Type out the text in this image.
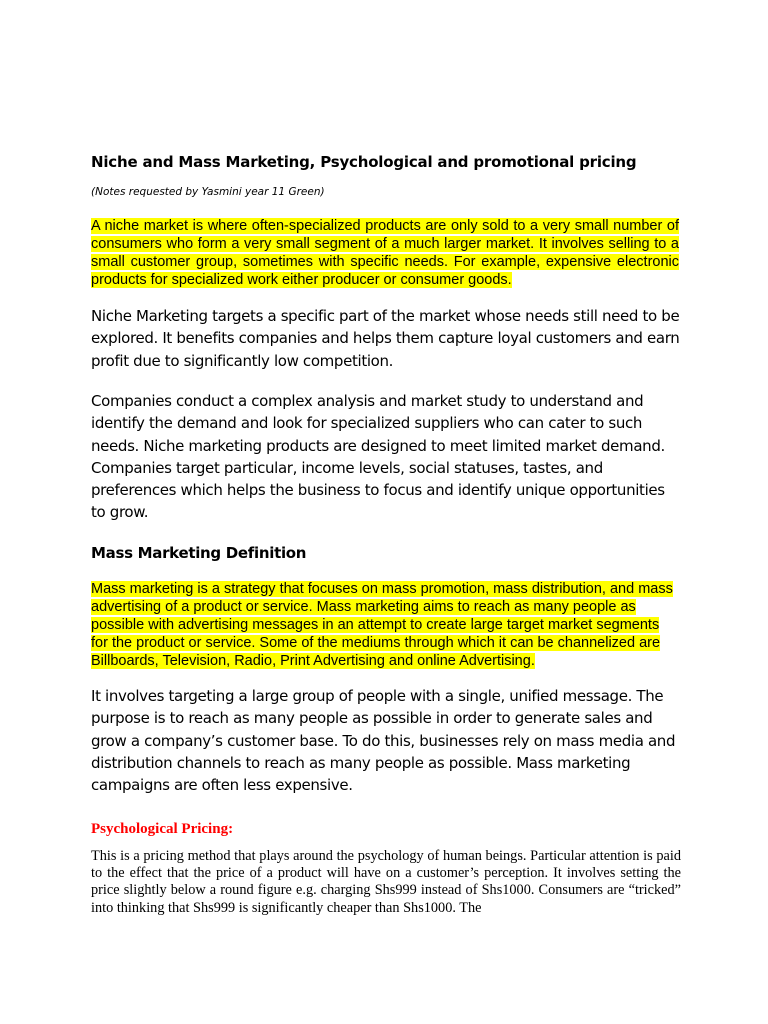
Niche and Mass Marketing, Psychological and promotional pricing
(Notes requested by Yasmini year 11 Green)
A niche market is where often-specialized products are only sold to a very small number of consumers who form a very small segment of a much larger market. It involves selling to a small customer group, sometimes with specific needs. For example, expensive electronic products for specialized work either producer or consumer goods.
Niche Marketing targets a specific part of the market whose needs still need to be explored. It benefits companies and helps them capture loyal customers and earn profit due to significantly low competition.
Companies conduct a complex analysis and market study to understand and identify the demand and look for specialized suppliers who can cater to such needs. Niche marketing products are designed to meet limited market demand. Companies target particular, income levels, social statuses, tastes, and preferences which helps the business to focus and identify unique opportunities to grow.
Mass Marketing Definition
Mass marketing is a strategy that focuses on mass promotion, mass distribution, and mass advertising of a product or service. Mass marketing aims to reach as many people as possible with advertising messages in an attempt to create large target market segments for the product or service. Some of the mediums through which it can be channelized are Billboards, Television, Radio, Print Advertising and online Advertising.
It involves targeting a large group of people with a single, unified message. The purpose is to reach as many people as possible in order to generate sales and grow a company’s customer base. To do this, businesses rely on mass media and distribution channels to reach as many people as possible. Mass marketing campaigns are often less expensive.
Psychological Pricing:
This is a pricing method that plays around the psychology of human beings. Particular attention is paid to the effect that the price of a product will have on a customer’s perception. It involves setting the price slightly below a round figure e.g. charging Shs999 instead of Shs1000. Consumers are “tricked” into thinking that Shs999 is significantly cheaper than Shs1000. The
